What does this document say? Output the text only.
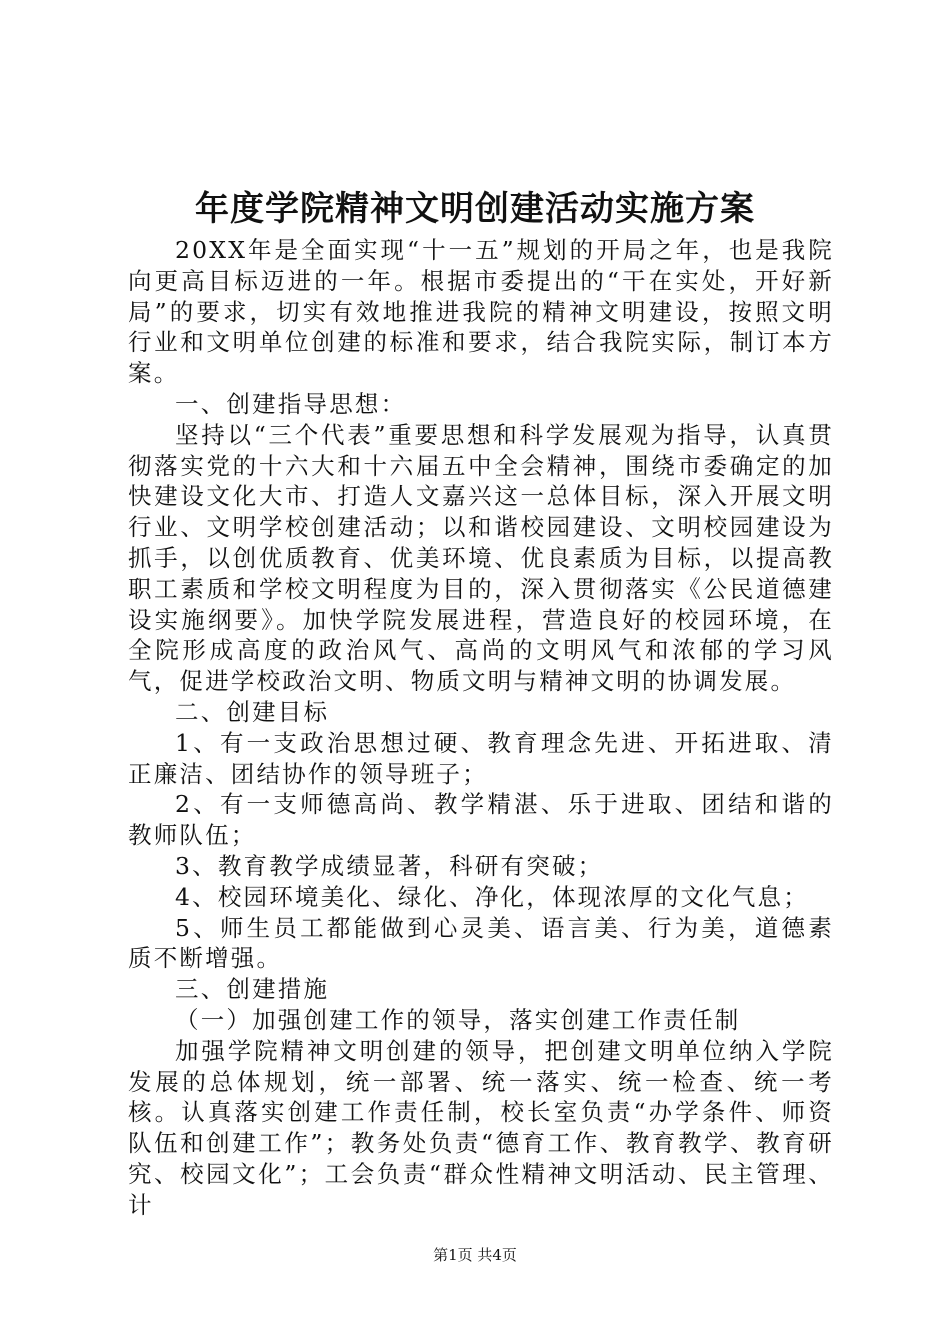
年度学院精神文明创建活动实施方案

20XX年是全面实现“十一五”规划的开局之年，也是我院向更高目标迈进的一年。根据市委提出的“干在实处，开好新局”的要求，切实有效地推进我院的精神文明建设，按照文明行业和文明单位创建的标准和要求，结合我院实际，制订本方案。

一、创建指导思想：

坚持以“三个代表”重要思想和科学发展观为指导，认真贯彻落实党的十六大和十六届五中全会精神，围绕市委确定的加快建设文化大市、打造人文嘉兴这一总体目标，深入开展文明行业、文明学校创建活动；以和谐校园建设、文明校园建设为抓手，以创优质教育、优美环境、优良素质为目标，以提高教职工素质和学校文明程度为目的，深入贯彻落实《公民道德建设实施纲要》。加快学院发展进程，营造良好的校园环境，在全院形成高度的政治风气、高尚的文明风气和浓郁的学习风气，促进学校政治文明、物质文明与精神文明的协调发展。

二、创建目标

1、有一支政治思想过硬、教育理念先进、开拓进取、清正廉洁、团结协作的领导班子；

2、有一支师德高尚、教学精湛、乐于进取、团结和谐的教师队伍；

3、教育教学成绩显著，科研有突破；

4、校园环境美化、绿化、净化，体现浓厚的文化气息；

5、师生员工都能做到心灵美、语言美、行为美，道德素质不断增强。

三、创建措施

（一）加强创建工作的领导，落实创建工作责任制

加强学院精神文明创建的领导，把创建文明单位纳入学院发展的总体规划，统一部署、统一落实、统一检查、统一考核。认真落实创建工作责任制，校长室负责“办学条件、师资队伍和创建工作”；教务处负责“德育工作、教育教学、教育研究、校园文化”；工会负责“群众性精神文明活动、民主管理、计

第1页 共4页
